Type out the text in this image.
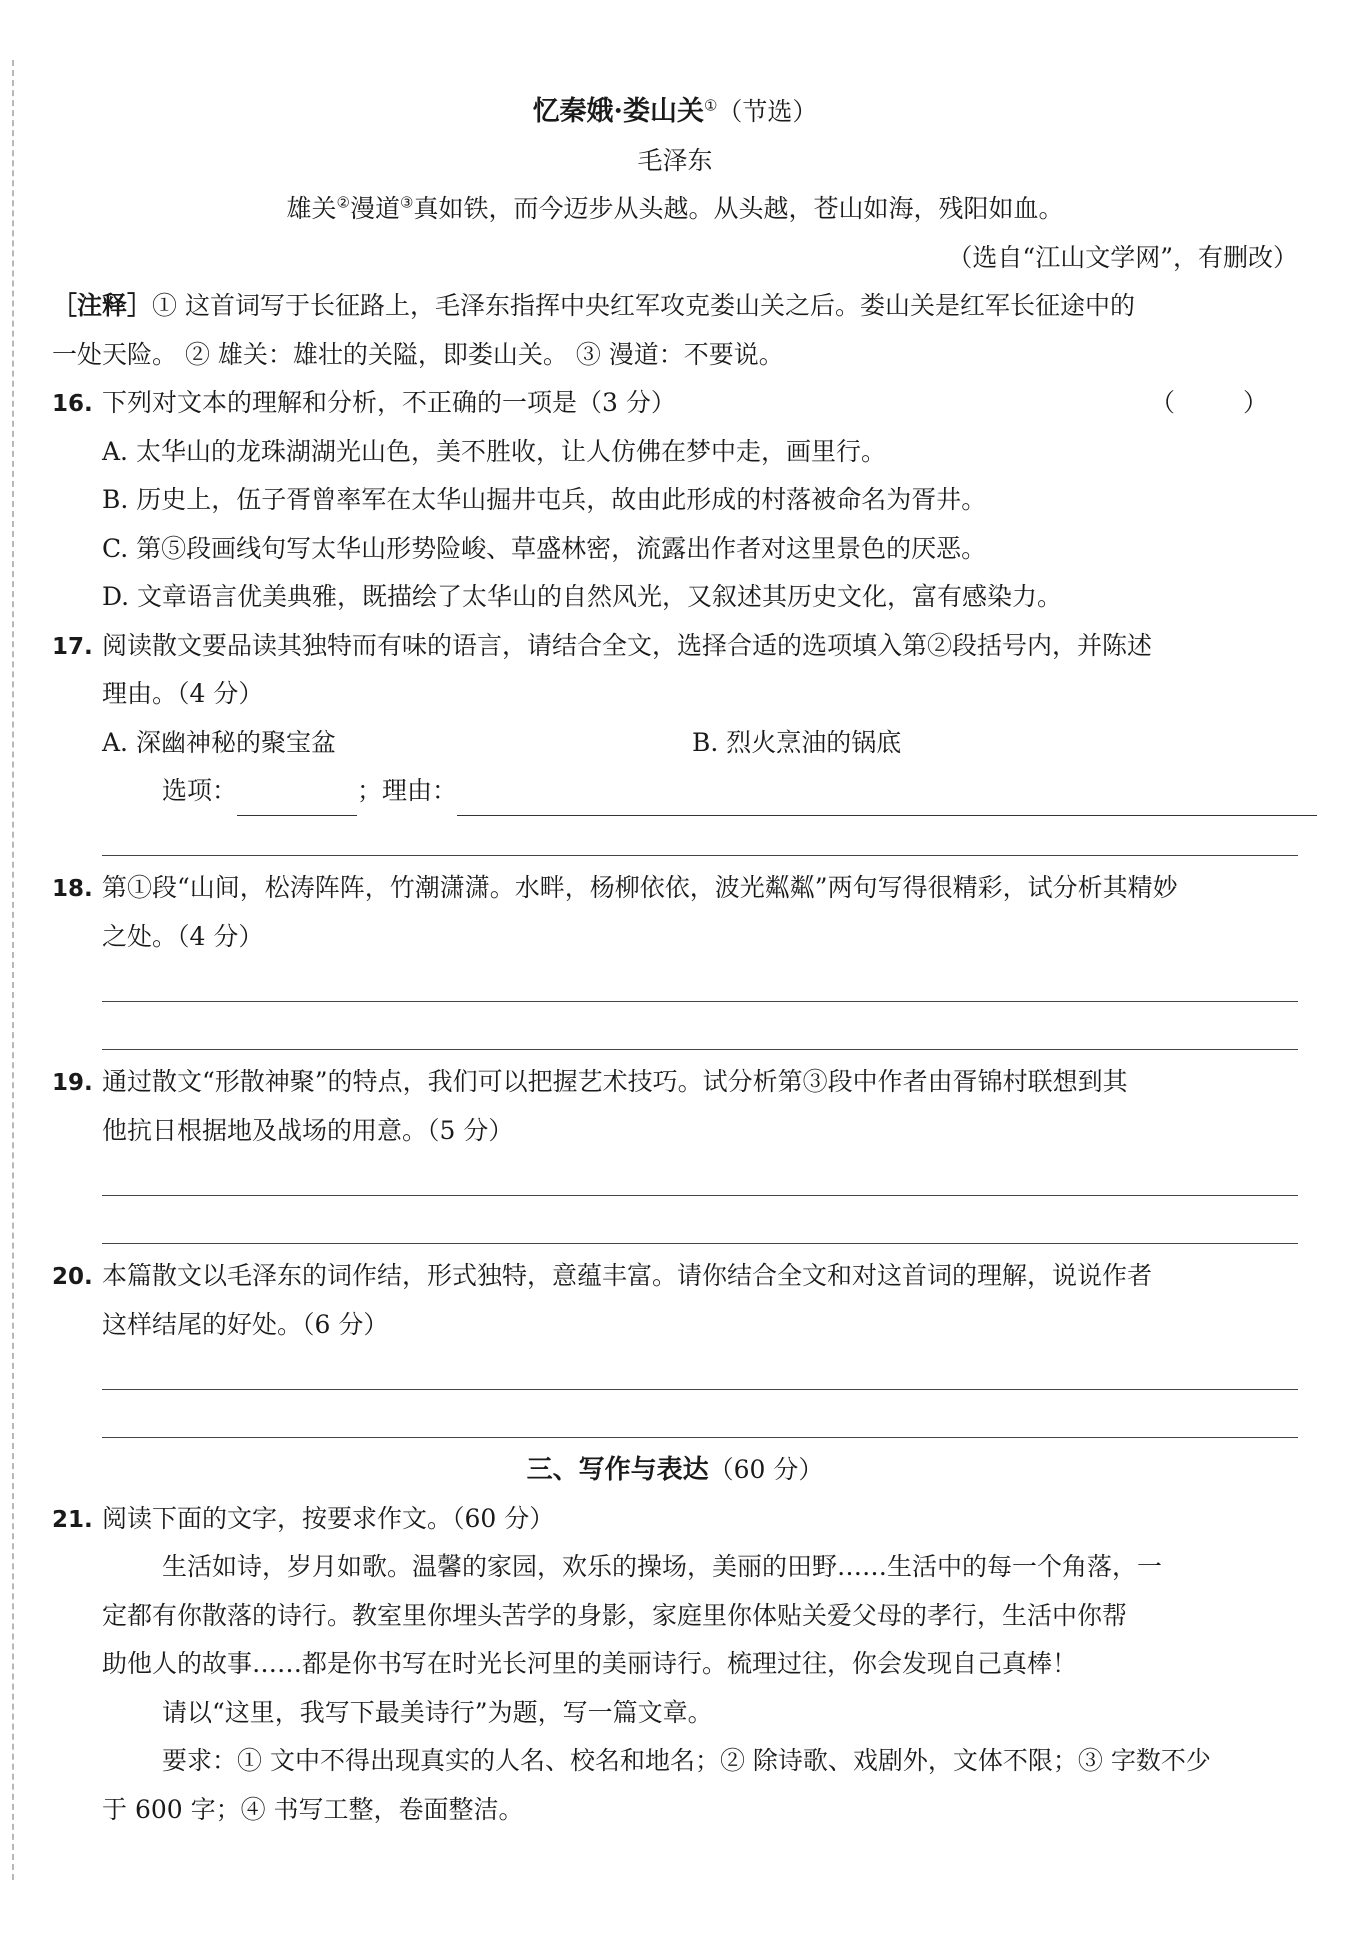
忆秦娥·娄山关①（节选）
毛泽东
雄关②漫道③真如铁，而今迈步从头越。从头越，苍山如海，残阳如血。
（选自“江山文学网”，有删改）
［注释］① 这首词写于长征路上，毛泽东指挥中央红军攻克娄山关之后。娄山关是红军长征途中的
一处天险。 ② 雄关：雄壮的关隘，即娄山关。 ③ 漫道：不要说。
16. 下列对文本的理解和分析，不正确的一项是（3 分）	（ ）
A. 太华山的龙珠湖湖光山色，美不胜收，让人仿佛在梦中走，画里行。
B. 历史上，伍子胥曾率军在太华山掘井屯兵，故由此形成的村落被命名为胥井。
C. 第⑤段画线句写太华山形势险峻、草盛林密，流露出作者对这里景色的厌恶。
D. 文章语言优美典雅，既描绘了太华山的自然风光，又叙述其历史文化，富有感染力。
17. 阅读散文要品读其独特而有味的语言，请结合全文，选择合适的选项填入第②段括号内，并陈述
理由。（4 分）
A. 深幽神秘的聚宝盆	B. 烈火烹油的锅底
选项：	；理由：
18. 第①段“山间，松涛阵阵，竹潮潇潇。水畔，杨柳依依，波光粼粼”两句写得很精彩，试分析其精妙
之处。（4 分）
19. 通过散文“形散神聚”的特点，我们可以把握艺术技巧。试分析第③段中作者由胥锦村联想到其
他抗日根据地及战场的用意。（5 分）
20. 本篇散文以毛泽东的词作结，形式独特，意蕴丰富。请你结合全文和对这首词的理解，说说作者
这样结尾的好处。（6 分）
三、写作与表达（60 分）
21. 阅读下面的文字，按要求作文。（60 分）
生活如诗，岁月如歌。温馨的家园，欢乐的操场，美丽的田野……生活中的每一个角落，一
定都有你散落的诗行。教室里你埋头苦学的身影，家庭里你体贴关爱父母的孝行，生活中你帮
助他人的故事……都是你书写在时光长河里的美丽诗行。梳理过往，你会发现自己真棒！
请以“这里，我写下最美诗行”为题，写一篇文章。
要求：① 文中不得出现真实的人名、校名和地名；② 除诗歌、戏剧外，文体不限；③ 字数不少
于 600 字；④ 书写工整，卷面整洁。
